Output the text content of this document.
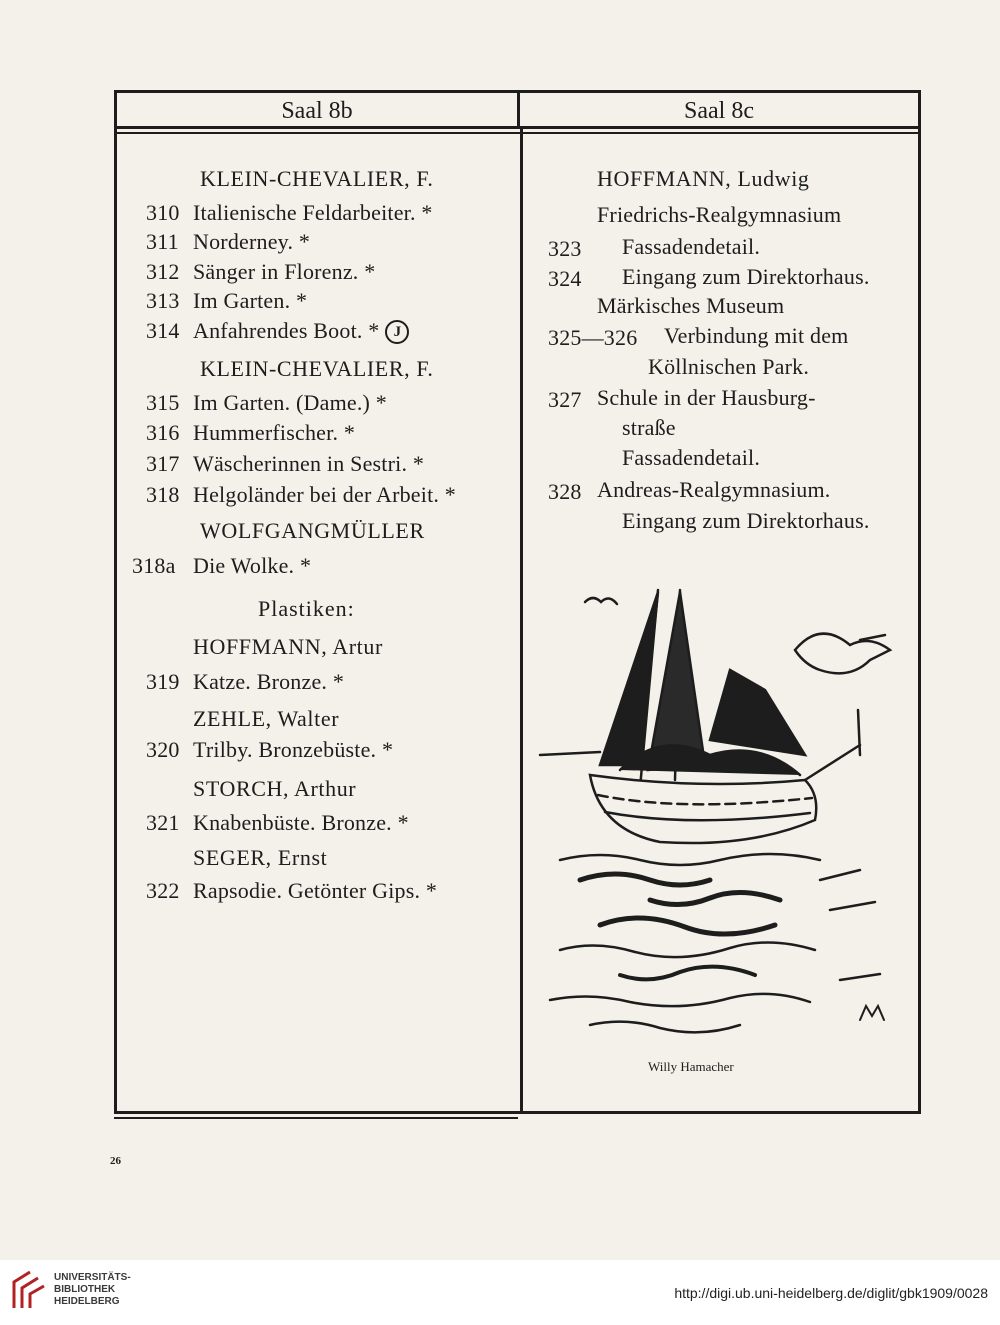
Saal 8b	Saal 8c
KLEIN-CHEVALIER, F.
310 Italienische Feldarbeiter. *
311 Norderney. *
312 Sänger in Florenz. *
313 Im Garten. *
314 Anfahrendes Boot. * J
KLEIN-CHEVALIER, F.
315 Im Garten. (Dame.) *
316 Hummerfischer. *
317 Wäscherinnen in Sestri. *
318 Helgoländer bei der Arbeit. *
WOLFGANGMÜLLER
318a Die Wolke. *
Plastiken:
HOFFMANN, Artur
319 Katze. Bronze. *
ZEHLE, Walter
320 Trilby. Bronzebüste. *
STORCH, Arthur
321 Knabenbüste. Bronze. *
SEGER, Ernst
322 Rapsodie. Getönter Gips. *
HOFFMANN, Ludwig
Friedrichs-Realgymnasium
323 Fassadendetail.
324 Eingang zum Direktorhaus.
Märkisches Museum
325—326 Verbindung mit dem
Köllnischen Park.
327 Schule in der Hausburg-
straße
Fassadendetail.
328 Andreas-Realgymnasium.
Eingang zum Direktorhaus.
Willy Hamacher
26
UNIVERSITÄTS-
BIBLIOTHEK
HEIDELBERG
http://digi.ub.uni-heidelberg.de/diglit/gbk1909/0028
